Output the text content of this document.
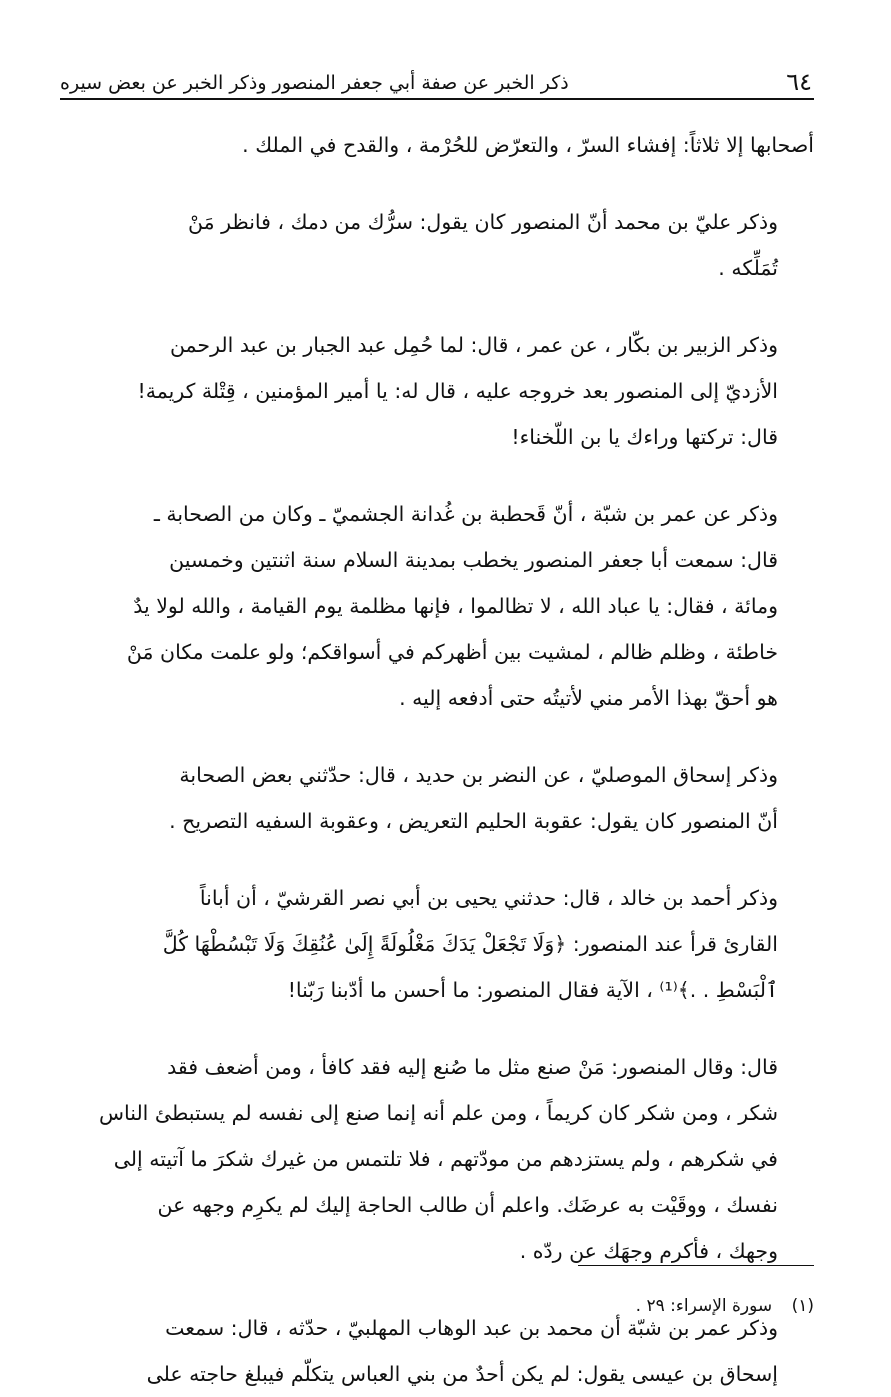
٦٤
ذكر الخبر عن صفة أبي جعفر المنصور وذكر الخبر عن بعض سيره

أصحابها إلا ثلاثاً: إفشاء السرّ ، والتعرّض للحُرْمة ، والقدح في الملك .

وذكر عليّ بن محمد أنّ المنصور كان يقول: سرُّك من دمك ، فانظر مَنْ
تُمَلِّكه .

وذكر الزبير بن بكّار ، عن عمر ، قال: لما حُمِل عبد الجبار بن عبد الرحمن
الأزديّ إلى المنصور بعد خروجه عليه ، قال له: يا أمير المؤمنين ، قِتْلة كريمة!
قال: تركتها وراءك يا بن اللّخناء!

وذكر عن عمر بن شبّة ، أنّ قَحطبة بن غُدانة الجشميّ ـ وكان من الصحابة ـ
قال: سمعت أبا جعفر المنصور يخطب بمدينة السلام سنة اثنتين وخمسين
ومائة ، فقال: يا عباد الله ، لا تظالموا ، فإنها مظلمة يوم القيامة ، والله لولا يدٌ
خاطئة ، وظلم ظالم ، لمشيت بين أظهركم في أسواقكم؛ ولو علمت مكان مَنْ
هو أحقّ بهذا الأمر مني لأتيتُه حتى أدفعه إليه .

وذكر إسحاق الموصليّ ، عن النضر بن حديد ، قال: حدّثني بعض الصحابة
أنّ المنصور كان يقول: عقوبة الحليم التعريض ، وعقوبة السفيه التصريح .

وذكر أحمد بن خالد ، قال: حدثني يحيى بن أبي نصر القرشيّ ، أن أباناً
القارئ قرأ عند المنصور: ﴿وَلَا تَجْعَلْ يَدَكَ مَغْلُولَةً إِلَىٰ عُنُقِكَ وَلَا تَبْسُطْهَا كُلَّ
ٱلْبَسْطِ . .﴾⁽¹⁾ ، الآية فقال المنصور: ما أحسن ما أدّبنا رَبّنا!

قال: وقال المنصور: مَنْ صنع مثل ما صُنع إليه فقد كافأ ، ومن أضعف فقد
شكر ، ومن شكر كان كريماً ، ومن علم أنه إنما صنع إلى نفسه لم يستبطئ الناس
في شكرهم ، ولم يستزدهم من مودّتهم ، فلا تلتمس من غيرك شكرَ ما آتيته إلى
نفسك ، ووقَيْت به عرضَك. واعلم أن طالب الحاجة إليك لم يكرِم وجهه عن
وجهك ، فأكرم وجهَك عن ردّه .

وذكر عمر بن شبّة أن محمد بن عبد الوهاب المهلبيّ ، حدّثه ، قال: سمعت
إسحاق بن عيسى يقول: لم يكن أحدٌ من بني العباس يتكلّم فيبلغ حاجته على

(١) سورة الإسراء: ٢٩ .
